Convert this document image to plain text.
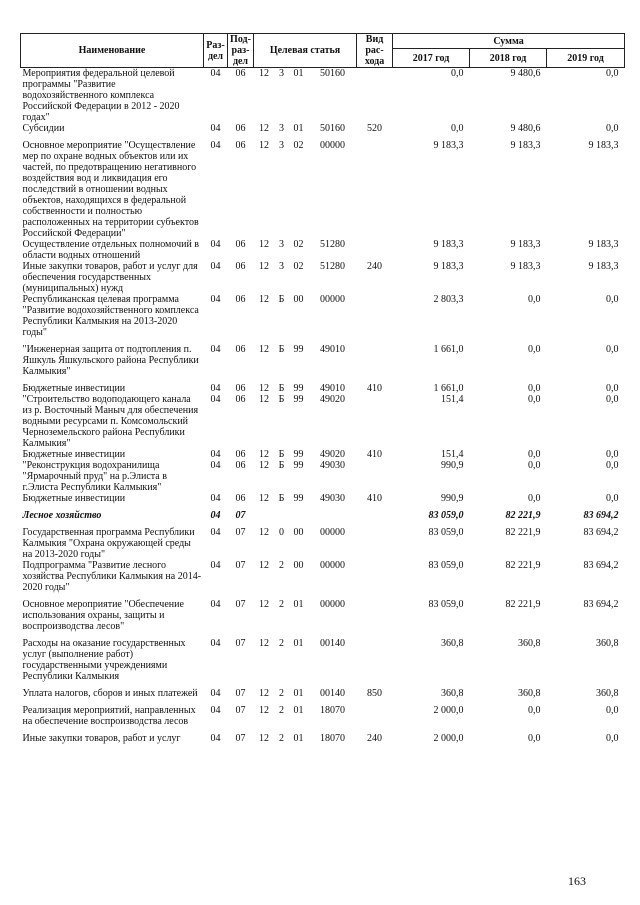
Наименование	Раз-дел	Под-раз-дел	Целевая статья				Вид рас-хода	Сумма		
								2017 год	2018 год	2019 год
Мероприятия федеральной целевой программы "Развитие водохозяйственного комплекса Российской Федерации в 2012 - 2020 годах"	04	06	12	3	01	50160		0,0	9 480,6	0,0
Субсидии	04	06	12	3	01	50160	520	0,0	9 480,6	0,0
Основное мероприятие "Осуществление мер по охране водных объектов или их частей, по предотвращению негативного воздействия вод и ликвидация его последствий в отношении водных объектов, находящихся в федеральной собственности и полностью расположенных на территории субъектов Российской Федерации"	04	06	12	3	02	00000		9 183,3	9 183,3	9 183,3
Осуществление отдельных полномочий в области водных отношений	04	06	12	3	02	51280		9 183,3	9 183,3	9 183,3
Иные закупки товаров, работ и услуг для обеспечения государственных (муниципальных) нужд	04	06	12	3	02	51280	240	9 183,3	9 183,3	9 183,3
Республиканская целевая программа "Развитие водохозяйственного комплекса Республики Калмыкия на 2013-2020 годы"	04	06	12	Б	00	00000		2 803,3	0,0	0,0
"Инженерная защита от подтопления п. Яшкуль Яшкульского района Республики Калмыкия"	04	06	12	Б	99	49010		1 661,0	0,0	0,0
Бюджетные инвестиции	04	06	12	Б	99	49010	410	1 661,0	0,0	0,0
"Строительство водоподающего канала из р. Восточный Маныч для обеспечения водными ресурсами п. Комсомольский Черноземельского района Республики Калмыкия"	04	06	12	Б	99	49020		151,4	0,0	0,0
Бюджетные инвестиции	04	06	12	Б	99	49020	410	151,4	0,0	0,0
"Реконструкция водохранилища "Ярмарочный пруд" на р.Элиста в г.Элиста Республики Калмыкия"	04	06	12	Б	99	49030		990,9	0,0	0,0
Бюджетные инвестиции	04	06	12	Б	99	49030	410	990,9	0,0	0,0
Лесное хозяйство	04	07						83 059,0	82 221,9	83 694,2
Государственная программа Республики Калмыкия "Охрана окружающей среды на 2013-2020 годы"	04	07	12	0	00	00000		83 059,0	82 221,9	83 694,2
Подпрограмма "Развитие лесного хозяйства Республики Калмыкия на 2014-2020 годы"	04	07	12	2	00	00000		83 059,0	82 221,9	83 694,2
Основное мероприятие "Обеспечение использования охраны, защиты и воспроизводства лесов"	04	07	12	2	01	00000		83 059,0	82 221,9	83 694,2
Расходы на оказание государственных услуг (выполнение работ) государственными учреждениями Республики Калмыкия	04	07	12	2	01	00140		360,8	360,8	360,8
Уплата налогов, сборов и иных платежей	04	07	12	2	01	00140	850	360,8	360,8	360,8
Реализация мероприятий, направленных на обеспечение воспроизводства лесов	04	07	12	2	01	18070		2 000,0	0,0	0,0
Иные закупки товаров, работ и услуг	04	07	12	2	01	18070	240	2 000,0	0,0	0,0
163
